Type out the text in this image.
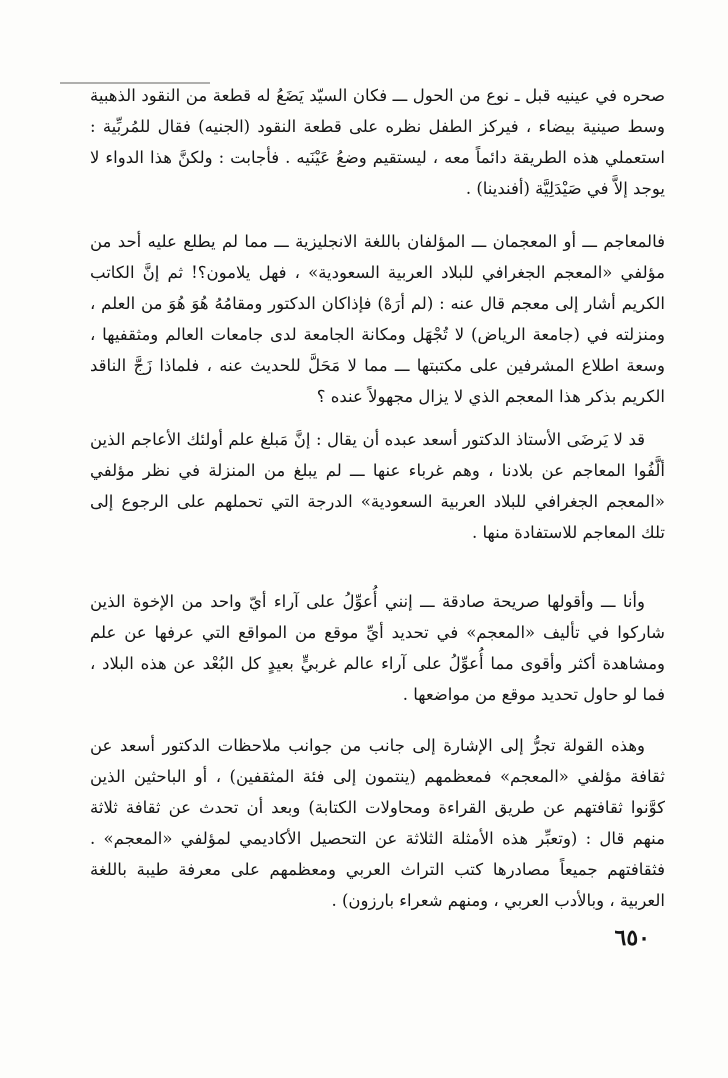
صحره في عينيه قبل ـ نوع من الحول ـــ فكان السيّد يَضَعُ له قطعة من النقود الذهبية وسط صينية بيضاء ، فيركز الطفل نظره على قطعة النقود (الجنيه) فقال للمُربِّية : استعملي هذه الطريقة دائماً معه ، ليستقيم وضعُ عَيْنَيه . فأجابت : ولكنَّ هذا الدواء لا يوجد إلاَّ في صَيْدَلِيَّة (أفندينا) .

فالمعاجم ـــ أو المعجمان ـــ المؤلفان باللغة الانجليزية ـــ مما لم يطلع عليه أحد من مؤلفي «المعجم الجغرافي للبلاد العربية السعودية» ، فهل يلامون؟! ثم إنَّ الكاتب الكريم أشار إلى معجم قال عنه : (لم أرَهْ) فإذاكان الدكتور ومقامُهُ هُوَ هُوَ من العلم ، ومنزلته في (جامعة الرياض) لا تُجْهَل ومكانة الجامعة لدى جامعات العالم ومثقفيها ، وسعة اطلاع المشرفين على مكتبتها ـــ مما لا مَحَلَّ للحديث عنه ، فلماذا زَجَّ الناقد الكريم بذكر هذا المعجم الذي لا يزال مجهولاً عنده ؟

قد لا يَرضَى الأستاذ الدكتور أسعد عبده أن يقال : إنَّ مَبلغ علم أولئك الأعاجم الذين ألَّفُوا المعاجم عن بلادنا ، وهم غرباء عنها ـــ لم يبلغ من المنزلة في نظر مؤلفي «المعجم الجغرافي للبلاد العربية السعودية» الدرجة التي تحملهم على الرجوع إلى تلك المعاجم للاستفادة منها .

وأنا ـــ وأقولها صريحة صادقة ـــ إنني أُعوِّلُ على آراء أيّ واحد من الإخوة الذين شاركوا في تأليف «المعجم» في تحديد أيِّ موقع من المواقع التي عرفها عن علم ومشاهدة أكثر وأقوى مما أُعوِّلُ على آراء عالم غربيٍّ بعيدٍ كل البُعْد عن هذه البلاد ، فما لو حاول تحديد موقع من مواضعها .

وهذه القولة تجرُّ إلى الإشارة إلى جانب من جوانب ملاحظات الدكتور أسعد عن ثقافة مؤلفي «المعجم» فمعظمهم (ينتمون إلى فئة المثقفين) ، أو الباحثين الذين كوَّنوا ثقافتهم عن طريق القراءة ومحاولات الكتابة) وبعد أن تحدث عن ثقافة ثلاثة منهم قال : (وتعبِّر هذه الأمثلة الثلاثة عن التحصيل الأكاديمي لمؤلفي «المعجم» . فثقافتهم جميعاً مصادرها كتب التراث العربي ومعظمهم على معرفة طيبة باللغة العربية ، وبالأدب العربي ، ومنهم شعراء بارزون) .

٦٥٠
